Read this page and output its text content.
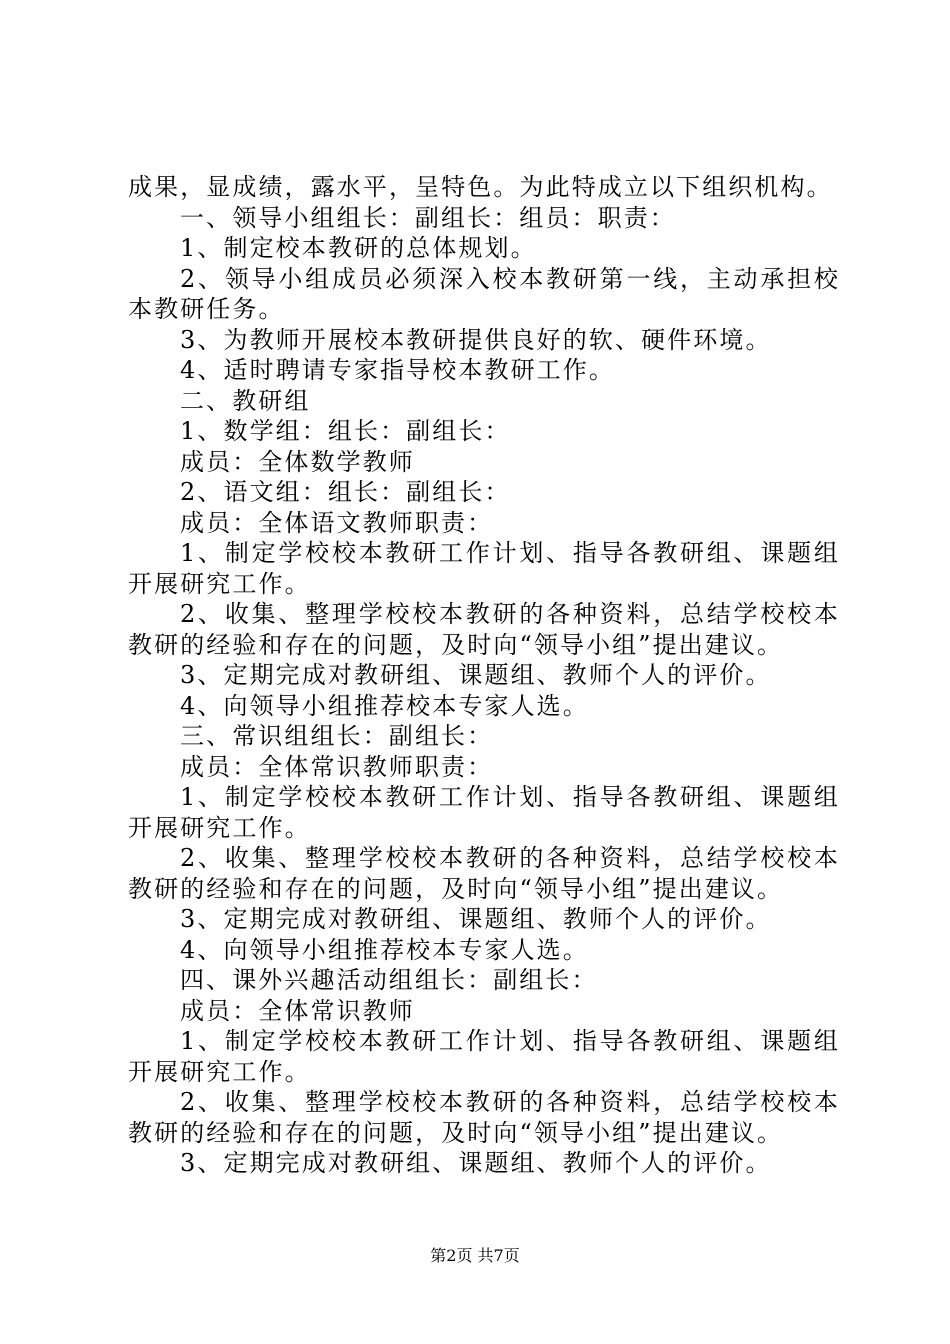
成果，显成绩，露水平，呈特色。为此特成立以下组织机构。

一、领导小组组长：副组长：组员：职责：

1、制定校本教研的总体规划。

2、领导小组成员必须深入校本教研第一线，主动承担校本教研任务。

3、为教师开展校本教研提供良好的软、硬件环境。

4、适时聘请专家指导校本教研工作。

二、教研组

1、数学组：组长：副组长：

成员：全体数学教师

2、语文组：组长：副组长：

成员：全体语文教师职责：

1、制定学校校本教研工作计划、指导各教研组、课题组开展研究工作。

2、收集、整理学校校本教研的各种资料，总结学校校本教研的经验和存在的问题，及时向“领导小组”提出建议。

3、定期完成对教研组、课题组、教师个人的评价。

4、向领导小组推荐校本专家人选。

三、常识组组长：副组长：

成员：全体常识教师职责：

1、制定学校校本教研工作计划、指导各教研组、课题组开展研究工作。

2、收集、整理学校校本教研的各种资料，总结学校校本教研的经验和存在的问题，及时向“领导小组”提出建议。

3、定期完成对教研组、课题组、教师个人的评价。

4、向领导小组推荐校本专家人选。

四、课外兴趣活动组组长：副组长：

成员：全体常识教师

1、制定学校校本教研工作计划、指导各教研组、课题组开展研究工作。

2、收集、整理学校校本教研的各种资料，总结学校校本教研的经验和存在的问题，及时向“领导小组”提出建议。

3、定期完成对教研组、课题组、教师个人的评价。

第2页 共7页
